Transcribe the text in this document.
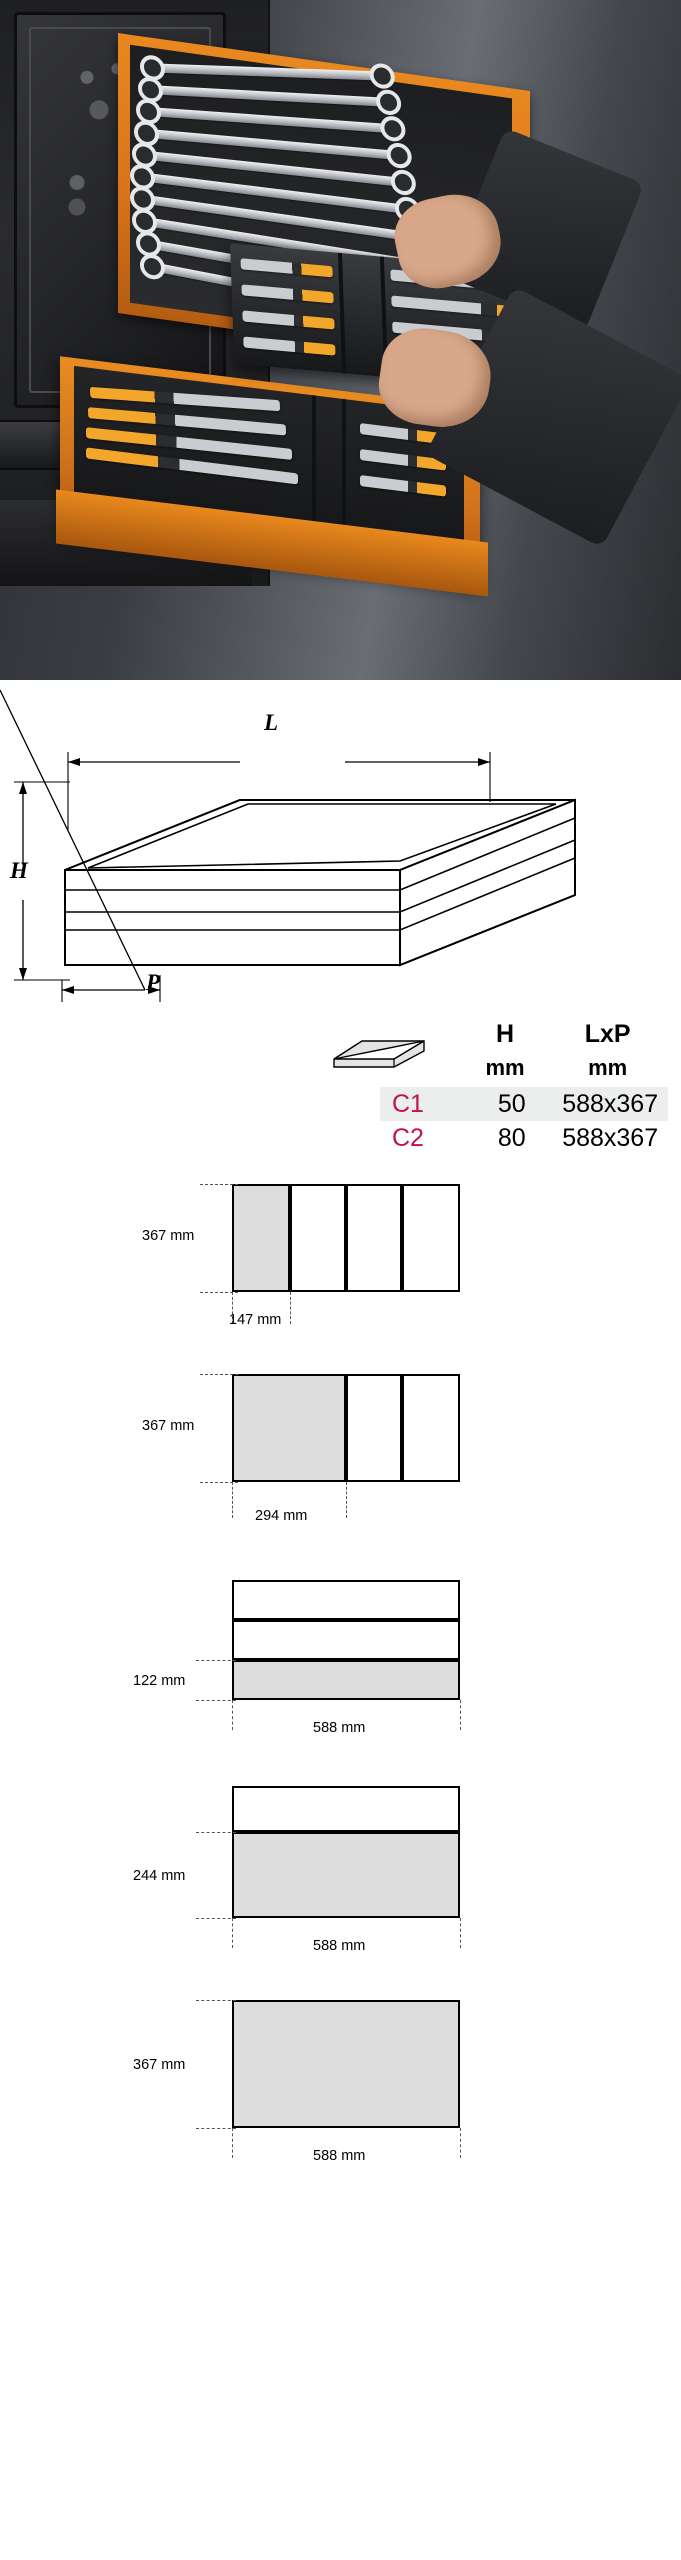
L
H
P
H
mm
LxP
mm
C1	50	588x367
C2	80	588x367
367 mm
147 mm
367 mm
294 mm
122 mm
588 mm
244 mm
588 mm
367 mm
588 mm
